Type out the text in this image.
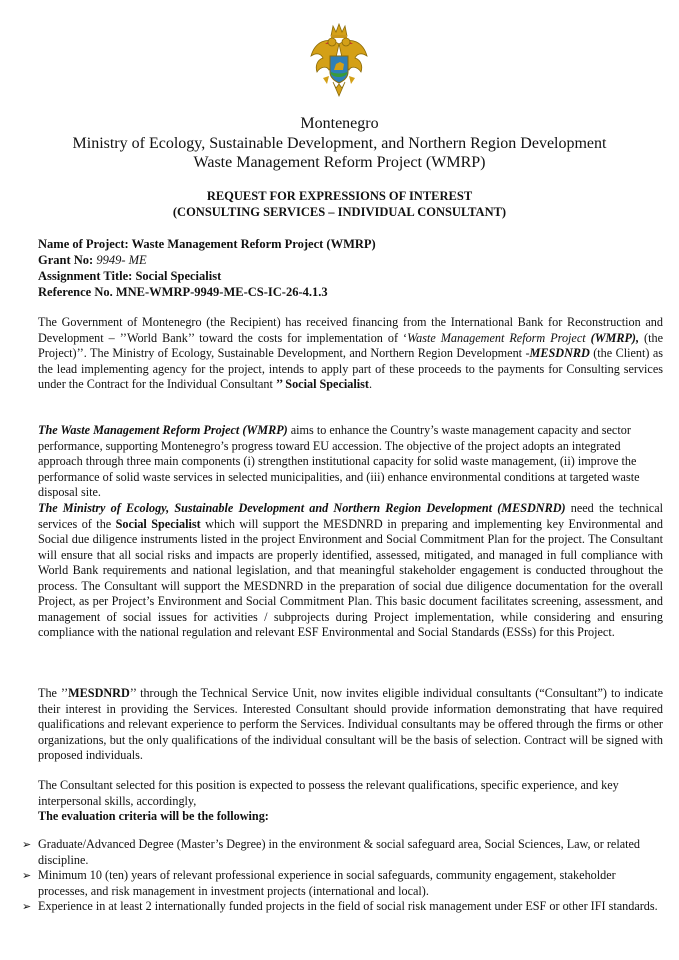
Montenegro
Ministry of Ecology, Sustainable Development, and Northern Region Development
Waste Management Reform Project (WMRP)
REQUEST FOR EXPRESSIONS OF INTEREST
(CONSULTING SERVICES – INDIVIDUAL CONSULTANT)
Name of Project: Waste Management Reform Project (WMRP)
Grant No: 9949- ME
Assignment Title: Social Specialist
Reference No. MNE-WMRP-9949-ME-CS-IC-26-4.1.3
The Government of Montenegro (the Recipient) has received financing from the International Bank for Reconstruction and Development – ’’World Bank’’ toward the costs for implementation of ‘Waste Management Reform Project (WMRP), (the Project)’’. The Ministry of Ecology, Sustainable Development, and Northern Region Development -MESDNRD (the Client) as the lead implementing agency for the project, intends to apply part of these proceeds to the payments for Consulting services under the Contract for the Individual Consultant ’’ Social Specialist.
The Waste Management Reform Project (WMRP) aims to enhance the Country’s waste management capacity and sector performance, supporting Montenegro’s progress toward EU accession. The objective of the project adopts an integrated approach through three main components (i) strengthen institutional capacity for solid waste management, (ii) improve the performance of solid waste services in selected municipalities, and (iii) enhance environmental conditions at targeted waste disposal site.
The Ministry of Ecology, Sustainable Development and Northern Region Development (MESDNRD) need the technical services of the Social Specialist which will support the MESDNRD in preparing and implementing key Environmental and Social due diligence instruments listed in the project Environment and Social Commitment Plan for the project. The Consultant will ensure that all social risks and impacts are properly identified, assessed, mitigated, and managed in full compliance with World Bank requirements and national legislation, and that meaningful stakeholder engagement is conducted throughout the process. The Consultant will support the MESDNRD in the preparation of social due diligence documentation for the overall Project, as per Project’s Environment and Social Commitment Plan. This basic document facilitates screening, assessment, and management of social issues for activities / subprojects during Project implementation, while considering and ensuring compliance with the national regulation and relevant ESF Environmental and Social Standards (ESSs) for this Project.
The ’’MESDNRD’’ through the Technical Service Unit, now invites eligible individual consultants (“Consultant”) to indicate their interest in providing the Services. Interested Consultant should provide information demonstrating that have required qualifications and relevant experience to perform the Services. Individual consultants may be offered through the firms or other organizations, but the only qualifications of the individual consultant will be the basis of selection. Contract will be signed with proposed individuals.
The Consultant selected for this position is expected to possess the relevant qualifications, specific experience, and key interpersonal skills, accordingly,
The evaluation criteria will be the following:
➢ Graduate/Advanced Degree (Master’s Degree) in the environment & social safeguard area, Social Sciences, Law, or related discipline.
➢ Minimum 10 (ten) years of relevant professional experience in social safeguards, community engagement, stakeholder processes, and risk management in investment projects (international and local).
➢ Experience in at least 2 internationally funded projects in the field of social risk management under ESF or other IFI standards.
